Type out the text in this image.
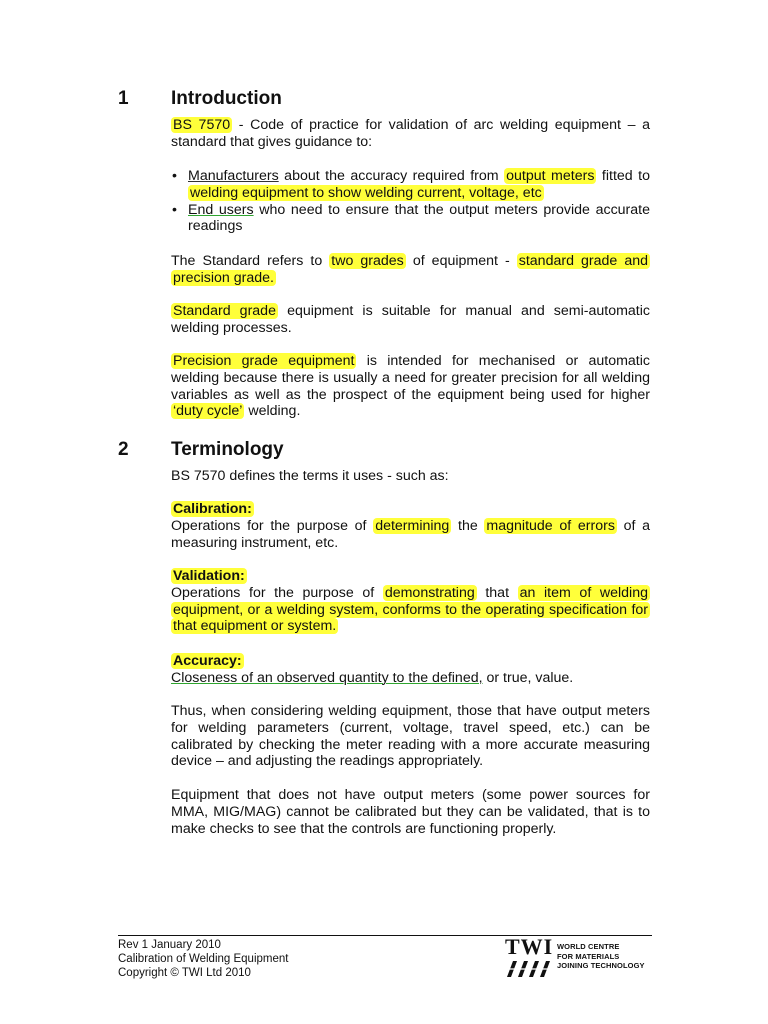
1 Introduction

BS 7570 - Code of practice for validation of arc welding equipment – a standard that gives guidance to:

• Manufacturers about the accuracy required from output meters fitted to welding equipment to show welding current, voltage, etc
• End users who need to ensure that the output meters provide accurate readings

The Standard refers to two grades of equipment - standard grade and precision grade.

Standard grade equipment is suitable for manual and semi-automatic welding processes.

Precision grade equipment is intended for mechanised or automatic welding because there is usually a need for greater precision for all welding variables as well as the prospect of the equipment being used for higher ‘duty cycle’ welding.

2 Terminology

BS 7570 defines the terms it uses - such as:

Calibration:
Operations for the purpose of determining the magnitude of errors of a measuring instrument, etc.

Validation:
Operations for the purpose of demonstrating that an item of welding equipment, or a welding system, conforms to the operating specification for that equipment or system.

Accuracy:
Closeness of an observed quantity to the defined, or true, value.

Thus, when considering welding equipment, those that have output meters for welding parameters (current, voltage, travel speed, etc.) can be calibrated by checking the meter reading with a more accurate measuring device – and adjusting the readings appropriately.

Equipment that does not have output meters (some power sources for MMA, MIG/MAG) cannot be calibrated but they can be validated, that is to make checks to see that the controls are functioning properly.

Rev 1 January 2010
Calibration of Welding Equipment
Copyright © TWI Ltd 2010
TWI WORLD CENTRE
FOR MATERIALS
JOINING TECHNOLOGY
